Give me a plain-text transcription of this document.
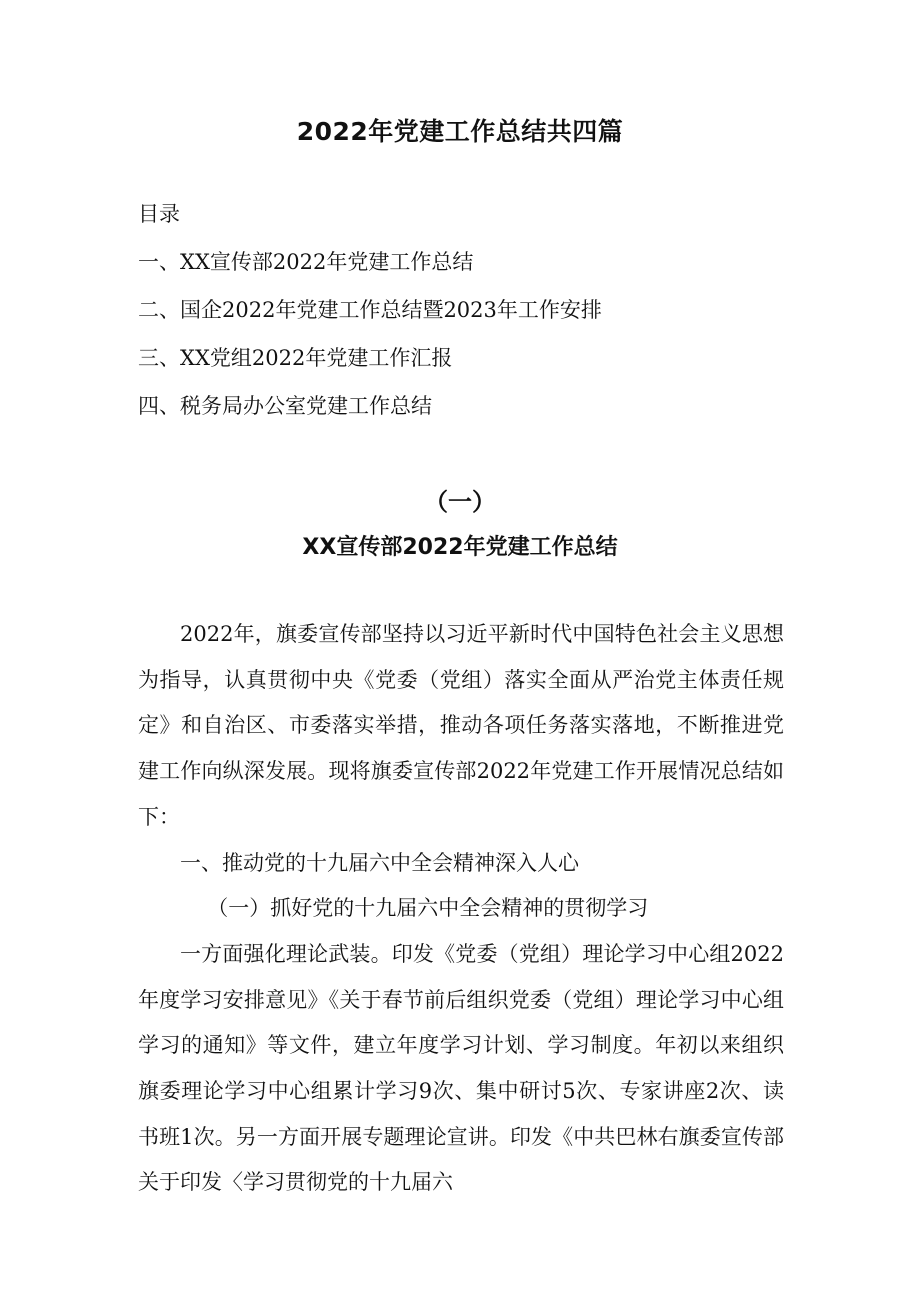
2022年党建工作总结共四篇
目录
一、XX宣传部2022年党建工作总结
二、国企2022年党建工作总结暨2023年工作安排
三、XX党组2022年党建工作汇报
四、税务局办公室党建工作总结
（一）
XX宣传部2022年党建工作总结

2022年，旗委宣传部坚持以习近平新时代中国特色社会主义思想为指导，认真贯彻中央《党委（党组）落实全面从严治党主体责任规定》和自治区、市委落实举措，推动各项任务落实落地，不断推进党建工作向纵深发展。现将旗委宣传部2022年党建工作开展情况总结如下：

一、推动党的十九届六中全会精神深入人心

（一）抓好党的十九届六中全会精神的贯彻学习

一方面强化理论武装。印发《党委（党组）理论学习中心组2022年度学习安排意见》《关于春节前后组织党委（党组）理论学习中心组学习的通知》等文件，建立年度学习计划、学习制度。年初以来组织旗委理论学习中心组累计学习9次、集中研讨5次、专家讲座2次、读书班1次。另一方面开展专题理论宣讲。印发《中共巴林右旗委宣传部关于印发〈学习贯彻党的十九届六
